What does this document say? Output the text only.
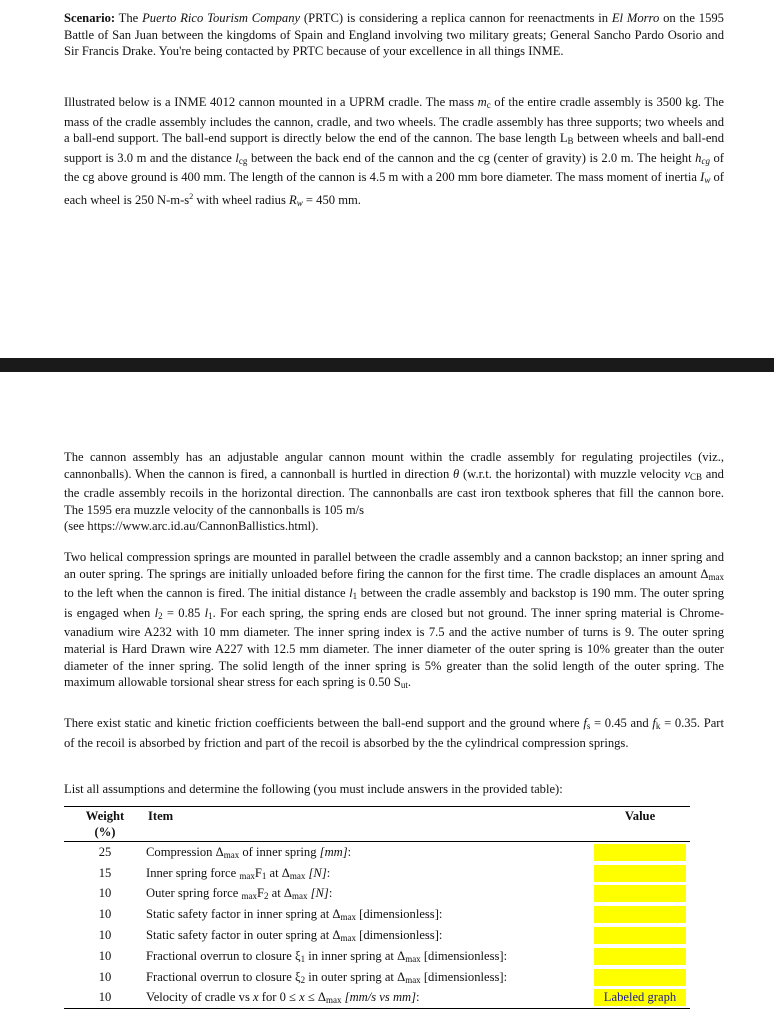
Scenario: The Puerto Rico Tourism Company (PRTC) is considering a replica cannon for reenactments in El Morro on the 1595 Battle of San Juan between the kingdoms of Spain and England involving two military greats; General Sancho Pardo Osorio and Sir Francis Drake. You're being contacted by PRTC because of your excellence in all things INME.
Illustrated below is a INME 4012 cannon mounted in a UPRM cradle. The mass $m_c$ of the entire cradle assembly is 3500 kg. The mass of the cradle assembly includes the cannon, cradle, and two wheels. The cradle assembly has three supports; two wheels and a ball-end support. The ball-end support is directly below the end of the cannon. The base length $L_B$ between wheels and ball-end support is 3.0 m and the distance $l_{cg}$ between the back end of the cannon and the cg (center of gravity) is 2.0 m. The height $h_{cg}$ of the cg above ground is 400 mm. The length of the cannon is 4.5 m with a 200 mm bore diameter. The mass moment of inertia $I_w$ of each wheel is 250 $N-m-s^2$ with wheel radius $R_w = 450$ mm.
The cannon assembly has an adjustable angular cannon mount within the cradle assembly for regulating projectiles (viz., cannonballs). When the cannon is fired, a cannonball is hurtled in direction θ (w.r.t. the horizontal) with muzzle velocity $v_{CB}$ and the cradle assembly recoils in the horizontal direction. The cannonballs are cast iron textbook spheres that fill the cannon bore. The 1595 era muzzle velocity of the cannonballs is 105 m/s
(see https://www.arc.id.au/CannonBallistics.html).
Two helical compression springs are mounted in parallel between the cradle assembly and a cannon backstop; an inner spring and an outer spring. The springs are initially unloaded before firing the cannon for the first time. The cradle displaces an amount $\Delta_{max}$ to the left when the cannon is fired. The initial distance $l_1$ between the cradle assembly and backstop is 190 mm. The outer spring is engaged when $l_2 = 0.85$ $l_1$. For each spring, the spring ends are closed but not ground. The inner spring material is Chrome-vanadium wire A232 with 10 mm diameter. The inner spring index is 7.5 and the active number of turns is 9. The outer spring material is Hard Drawn wire A227 with 12.5 mm diameter. The inner diameter of the outer spring is 10% greater than the outer diameter of the inner spring. The solid length of the inner spring is 5% greater than the solid length of the outer spring. The maximum allowable torsional shear stress for each spring is 0.50 $S_{ut}$.
There exist static and kinetic friction coefficients between the ball-end support and the ground where $f_s = 0.45$ and $f_k = 0.35$. Part of the recoil is absorbed by friction and part of the recoil is absorbed by the the cylindrical compression springs.
List all assumptions and determine the following (you must include answers in the provided table):
Weight
(%)	Item	Value
25	Compression $\Delta_{max}$ of inner spring [mm]:	
15	Inner spring force $_{max}F_1$ at $\Delta_{max}$ [N]:	
10	Outer spring force $_{max}F_2$ at $\Delta_{max}$ [N]:	
10	Static safety factor in inner spring at $\Delta_{max}$ [dimensionless]:	
10	Static safety factor in outer spring at $\Delta_{max}$ [dimensionless]:	
10	Fractional overrun to closure $\xi_1$ in inner spring at $\Delta_{max}$ [dimensionless]:	
10	Fractional overrun to closure $\xi_2$ in outer spring at $\Delta_{max}$ [dimensionless]:	
10	Velocity of cradle vs x for $0 \le x \le \Delta_{max}$ [mm/s vs mm]:	Labeled graph
